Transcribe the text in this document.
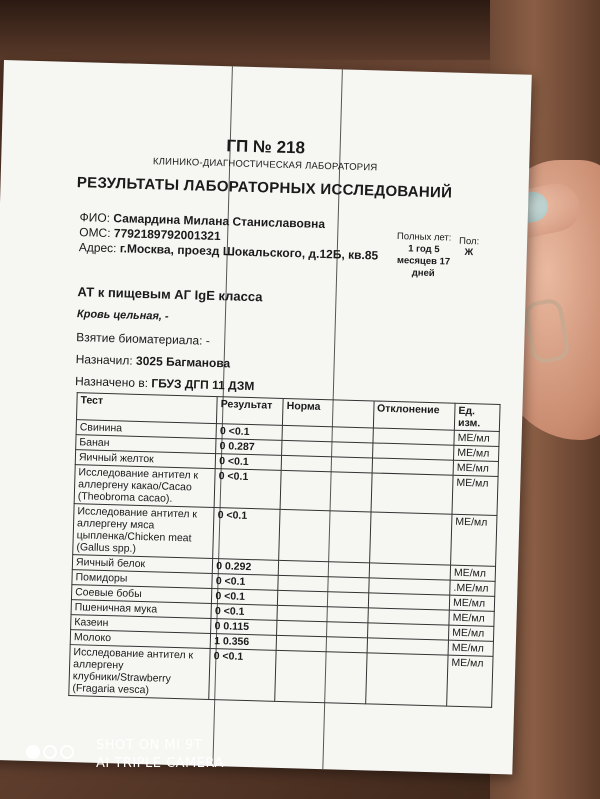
ГП № 218
КЛИНИКО-ДИАГНОСТИЧЕСКАЯ ЛАБОРАТОРИЯ
РЕЗУЛЬТАТЫ ЛАБОРАТОРНЫХ ИССЛЕДОВАНИЙ
ФИО: Самардина Милана Станиславовна
ОМС: 7792189792001321
Адрес: г.Москва, проезд Шокальского, д.12Б, кв.85
Полных лет:
1 год 5
месяцев 17
дней
Пол:
Ж
АТ к пищевым АГ IgE класса
Кровь цельная, -
Взятие биоматериала: -
Назначил: 3025 Багманова
Назначено в: ГБУЗ ДГП 11 ДЗМ
Тест	Результат	Норма	Отклонение	Ед. изм.
Свинина	0 <0.1			МЕ/мл
Банан	0 0.287			МЕ/мл
Яичный желток	0 <0.1			МЕ/мл
Исследование антител к аллергену какао/Cacao (Theobroma cacao).	0 <0.1			МЕ/мл
Исследование антител к аллергену мяса цыпленка/Chicken meat (Gallus spp.)	0 <0.1			МЕ/мл
Яичный белок	0 0.292			МЕ/мл
Помидоры	0 <0.1			.МЕ/мл
Соевые бобы	0 <0.1			МЕ/мл
Пшеничная мука	0 <0.1			МЕ/мл
Казеин	0 0.115			МЕ/мл
Молоко	1 0.356			МЕ/мл
Исследование антител к аллергену клубники/Strawberry (Fragaria vesca)	0 <0.1			МЕ/мл
SHOT ON MI 9T
AI TRIPLE CAMERA
